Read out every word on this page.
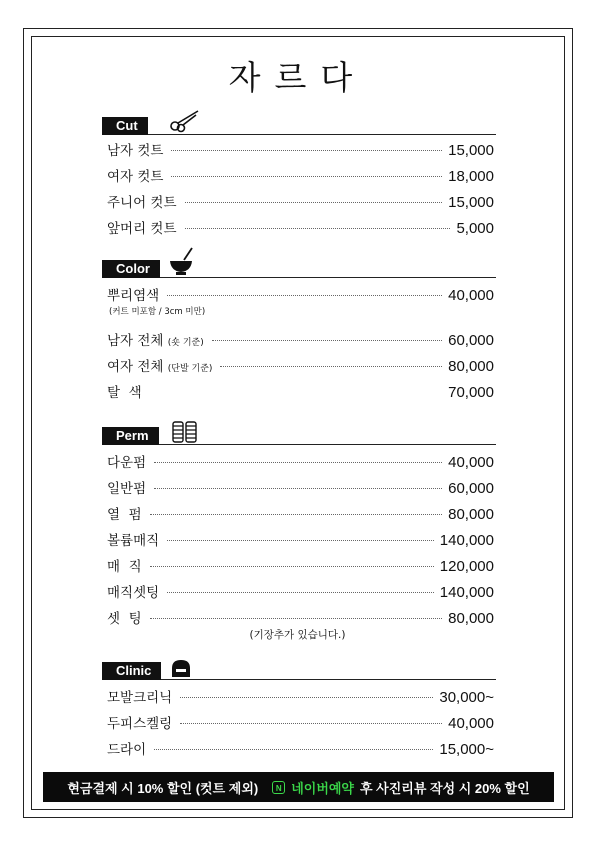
자르다
Cut
남자 컷트	15,000
여자 컷트	18,000
주니어 컷트	15,000
앞머리 컷트	5,000
Color
뿌리염색	40,000
(커트 미포함 / 3cm 미만)
남자 전체 (숏 기준)	60,000
여자 전체 (단발 기준)	80,000
탈  색	70,000
Perm
다운펌	40,000
일반펌	60,000
열  펌	80,000
볼륨매직	140,000
매  직	120,000
매직셋팅	140,000
셋  팅	80,000
(기장추가 있습니다.)
Clinic
모발크리닉	30,000~
두피스켈링	40,000
드라이	15,000~
현금결제 시 10% 할인 (컷트 제외)	N 네이버예약 후 사진리뷰 작성 시 20% 할인
